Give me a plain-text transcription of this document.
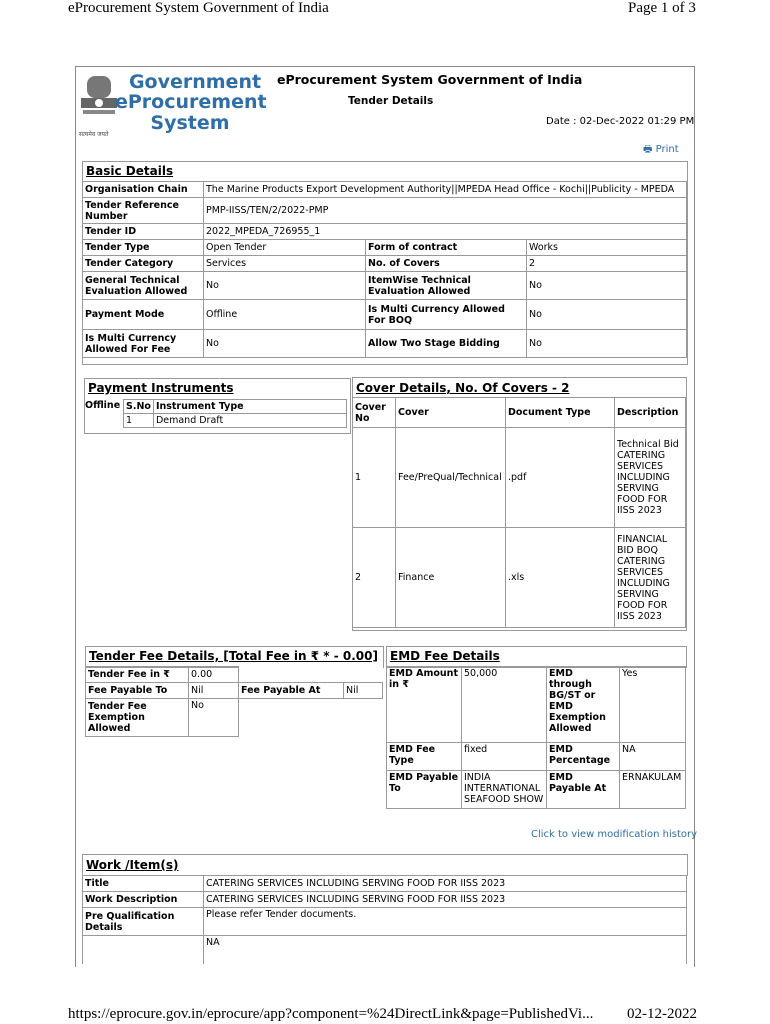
eProcurement System Government of India	Page 1 of 3
https://eprocure.gov.in/eprocure/app?component=%24DirectLink&page=PublishedVi... 02-12-2022
सत्यमेव जयते
Government
eProcurement
System
eProcurement System Government of India
Tender Details
Date : 02-Dec-2022 01:29 PM
🖶 Print
Basic Details
Organisation Chain	The Marine Products Export Development Authority||MPEDA Head Office - Kochi||Publicity - MPEDA		
Tender Reference Number	PMP-IISS/TEN/2/2022-PMP		
Tender ID	2022_MPEDA_726955_1		
Tender Type	Open Tender	Form of contract	Works
Tender Category	Services	No. of Covers	2
General Technical Evaluation Allowed	No	ItemWise Technical Evaluation Allowed	No
Payment Mode	Offline	Is Multi Currency Allowed For BOQ	No
Is Multi Currency Allowed For Fee	No	Allow Two Stage Bidding	No
Payment Instruments
Offline S.No	Instrument Type
1	Demand Draft
Cover Details, No. Of Covers - 2
Cover No	Cover	Document Type	Description
1	Fee/PreQual/Technical	.pdf	Technical Bid CATERING SERVICES INCLUDING SERVING FOOD FOR IISS 2023
2	Finance	.xls	FINANCIAL BID BOQ CATERING SERVICES INCLUDING SERVING FOOD FOR IISS 2023
Tender Fee Details, [Total Fee in ₹ * - 0.00]
Tender Fee in ₹	0.00		
Fee Payable To	Nil	Fee Payable At	Nil
Tender Fee Exemption Allowed	No		
EMD Fee Details
EMD Amount in ₹	50,000	EMD through BG/ST or EMD Exemption Allowed	Yes
EMD Fee Type	fixed	EMD Percentage	NA
EMD Payable To	INDIA INTERNATIONAL SEAFOOD SHOW	EMD Payable At	ERNAKULAM
Click to view modification history
Work /Item(s)
Title	CATERING SERVICES INCLUDING SERVING FOOD FOR IISS 2023
Work Description	CATERING SERVICES INCLUDING SERVING FOOD FOR IISS 2023
Pre Qualification Details	Please refer Tender documents.
	NA
